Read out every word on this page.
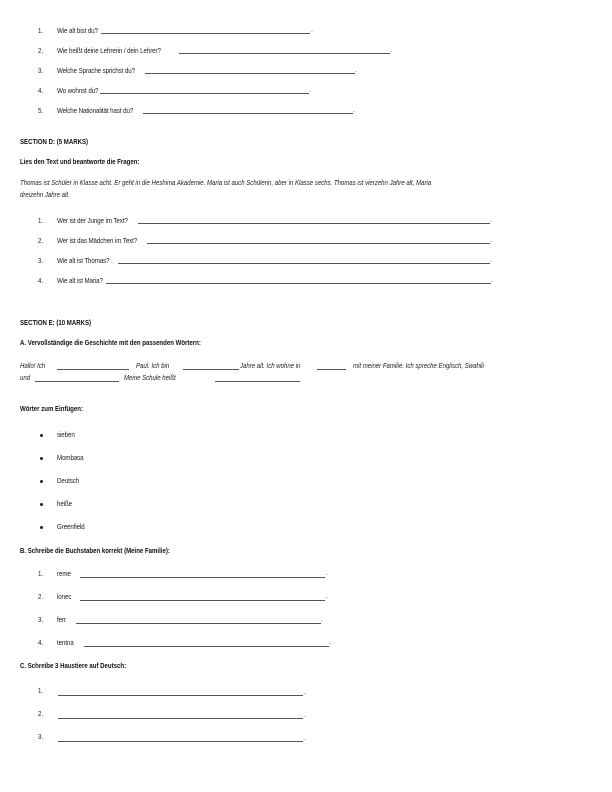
1. Wie alt bist du?	.
2. Wie heißt deine Lehrerin / dein Lehrer?	.
3. Welche Sprache sprichst du?	.
4. Wo wohnst du?	.
5. Welche Nationalität hast du?	.
SECTION D: (5 MARKS)
Lies den Text und beantworte die Fragen:
Thomas ist Schüler in Klasse acht. Er geht in die Heshima Akademie. Maria ist auch Schülerin, aber in Klasse sechs. Thomas ist vierzehn Jahre alt, Maria
dreizehn Jahre alt.
1. Wer ist der Junge im Text?	.
2. Wer ist das Mädchen im Text?	.
3. Wie alt ist Thomas? .	.
4. Wie alt ist Maria?	.
SECTION E: (10 MARKS)
A. Vervollständige die Geschichte mit den passenden Wörtern:
Hallo! Ich	Paul. Ich bin	Jahre alt. Ich wohne in	mit meiner Familie. Ich spreche Englisch, Swahili
und	Meine Schule heißt
Wörter zum Einfügen:
sieben
Mombasa
Deutsch
heiße
Greenfield
B. Schreibe die Buchstaben korrekt (Meine Familie):
1. reme	.
2. lonec	.
3. ferr	.
4. tentna	.
C. Schreibe 3 Haustiere auf Deutsch:
1.	.
2.	.
3.	.
